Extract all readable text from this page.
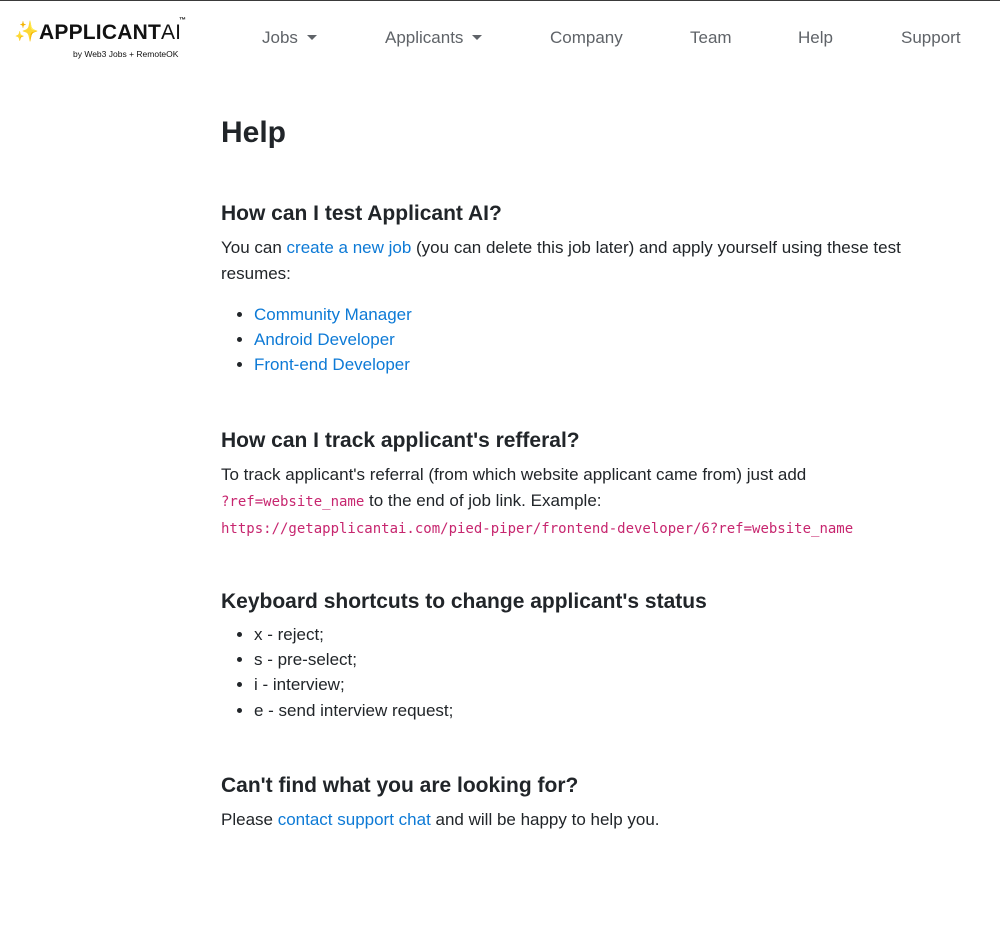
✨ APPLICANTAI
™
by Web3 Jobs + RemoteOK
Jobs	Applicants	Company	Team	Help	Support
Help
How can I test Applicant AI?

You can create a new job (you can delete this job later) and apply yourself using these test resumes:

• Community Manager
• Android Developer
• Front-end Developer
How can I track applicant's refferal?

To track applicant's referral (from which website applicant came from) just add
?ref=website_name to the end of job link. Example:
https://getapplicantai.com/pied-piper/frontend-developer/6?ref=website_name

Keyboard shortcuts to change applicant's status
• x - reject;
• s - pre-select;
• i - interview;
• e - send interview request;
Can't find what you are looking for?

Please contact support chat and will be happy to help you.
